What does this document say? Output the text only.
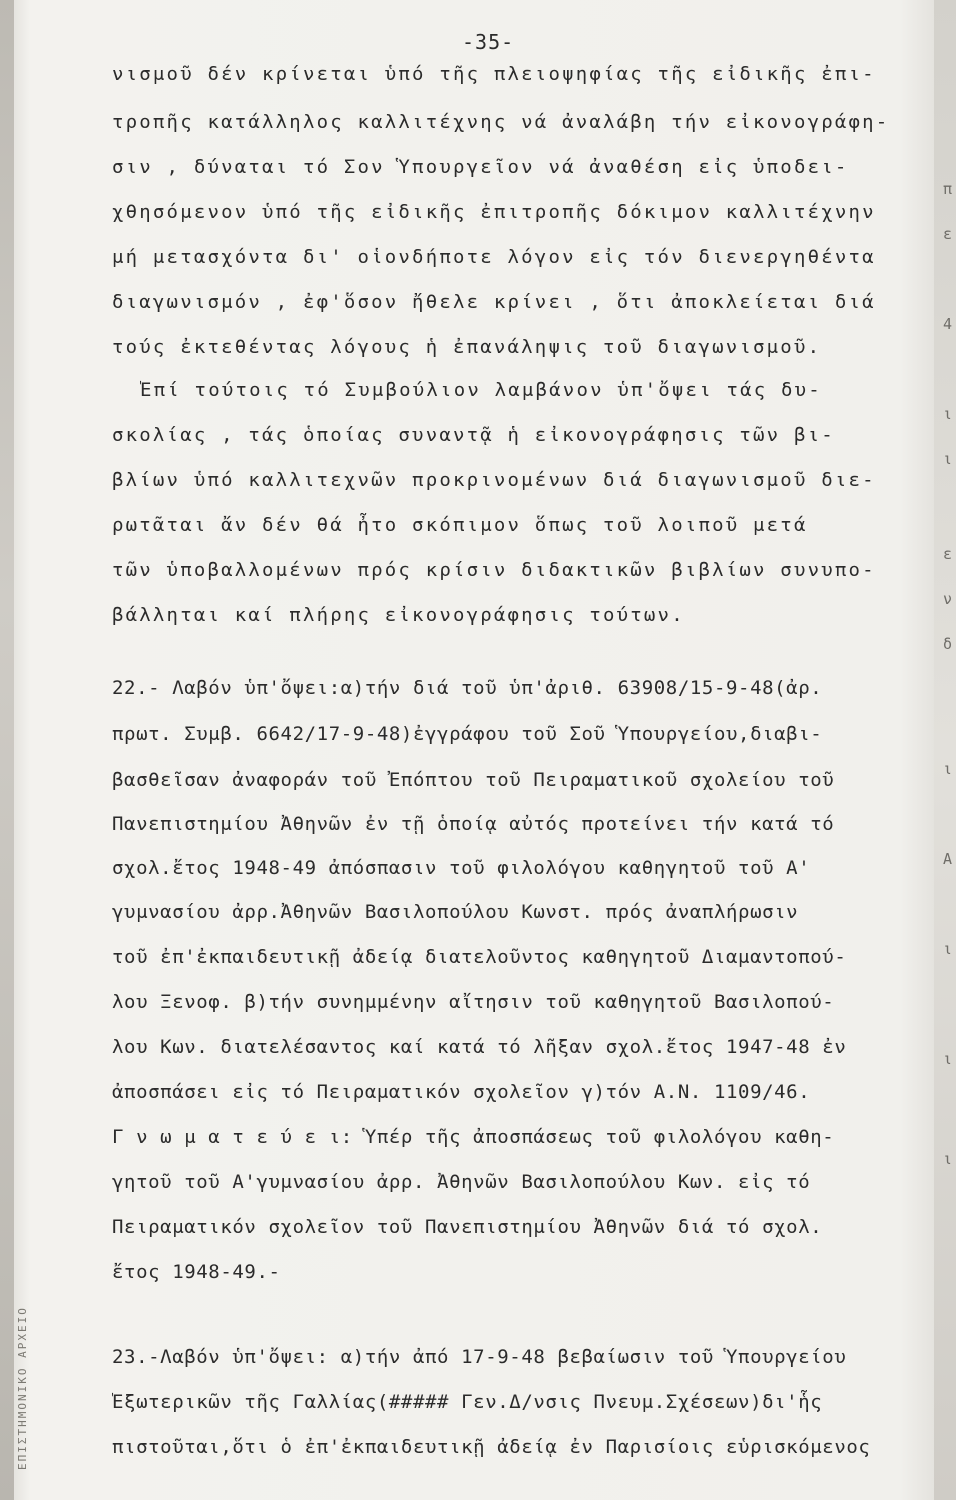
ΕΠΙΣΤΗΜΟΝΙΚΟ ΑΡΧΕΙΟ
-35-
νισμοῦ δέν κρίνεται ὑπό τῆς πλειοψηφίας τῆς εἰδικῆς ἐπι-
τροπῆς κατάλληλος καλλιτέχνης νά ἀναλάβη τήν εἰκονογράφη-
σιν , δύναται τό Σον Ὑπουργεῖον νά ἀναθέση εἰς ὑποδει-
χθησόμενον ὑπό τῆς εἰδικῆς ἐπιτροπῆς δόκιμον καλλιτέχνην
μή μετασχόντα δι' οἱονδήποτε λόγον εἰς τόν διενεργηθέντα
διαγωνισμόν , ἐφ'ὅσον ἤθελε κρίνει , ὅτι ἀποκλείεται διά
τούς ἐκτεθέντας λόγους ἡ ἐπανάληψις τοῦ διαγωνισμοῦ.
Ἐπί τούτοις τό Συμβούλιον λαμβάνον ὑπ'ὄψει τάς δυ-
σκολίας , τάς ὁποίας συναντᾷ ἡ εἰκονογράφησις τῶν βι-
βλίων ὑπό καλλιτεχνῶν προκρινομένων διά διαγωνισμοῦ διε-
ρωτᾶται ἄν δέν θά ἦτο σκόπιμον ὅπως τοῦ λοιποῦ μετά
τῶν ὑποβαλλομένων πρός κρίσιν διδακτικῶν βιβλίων συνυπο-
βάλληται καί πλήρης εἰκονογράφησις τούτων.
22.- Λαβόν ὑπ'ὄψει:α)τήν διά τοῦ ὑπ'ἀριθ. 63908/15-9-48(ἀρ.
πρωτ. Συμβ. 6642/17-9-48)ἐγγράφου τοῦ Σοῦ Ὑπουργείου,διαβι-
βασθεῖσαν ἀναφοράν τοῦ Ἐπόπτου τοῦ Πειραματικοῦ σχολείου τοῦ
Πανεπιστημίου Ἀθηνῶν ἐν τῇ ὁποίᾳ αὐτός προτείνει τήν κατά τό
σχολ.ἔτος 1948-49 ἀπόσπασιν τοῦ φιλολόγου καθηγητοῦ τοῦ Α'
γυμνασίου ἀρρ.Ἀθηνῶν Βασιλοπούλου Κωνστ. πρός ἀναπλήρωσιν
τοῦ ἐπ'ἐκπαιδευτικῇ ἀδείᾳ διατελοῦντος καθηγητοῦ Διαμαντοπού-
λου Ξενοφ. β)τήν συνημμένην αἴτησιν τοῦ καθηγητοῦ Βασιλοπού-
λου Κων. διατελέσαντος καί κατά τό λῆξαν σχολ.ἔτος 1947-48 ἐν
ἀποσπάσει εἰς τό Πειραματικόν σχολεῖον γ)τόν Α.Ν. 1109/46.
Γ ν ω μ α τ ε ύ ε ι: Ὑπέρ τῆς ἀποσπάσεως τοῦ φιλολόγου καθη-
γητοῦ τοῦ Α'γυμνασίου ἀρρ. Ἀθηνῶν Βασιλοπούλου Κων. εἰς τό
Πειραματικόν σχολεῖον τοῦ Πανεπιστημίου Ἀθηνῶν διά τό σχολ.
ἔτος 1948-49.-
23.-Λαβόν ὑπ'ὄψει: α)τήν ἀπό 17-9-48 βεβαίωσιν τοῦ Ὑπουργείου
Ἐξωτερικῶν τῆς Γαλλίας(##### Γεν.Δ/νσις Πνευμ.Σχέσεων)δι'ἧς
πιστοῦται,ὅτι ὁ ἐπ'ἐκπαιδευτικῇ ἀδείᾳ ἐν Παρισίοις εὑρισκόμενος
π
ε
4
ι
ι
ε
ν
δ
ι
Α
ι
ι
ι
